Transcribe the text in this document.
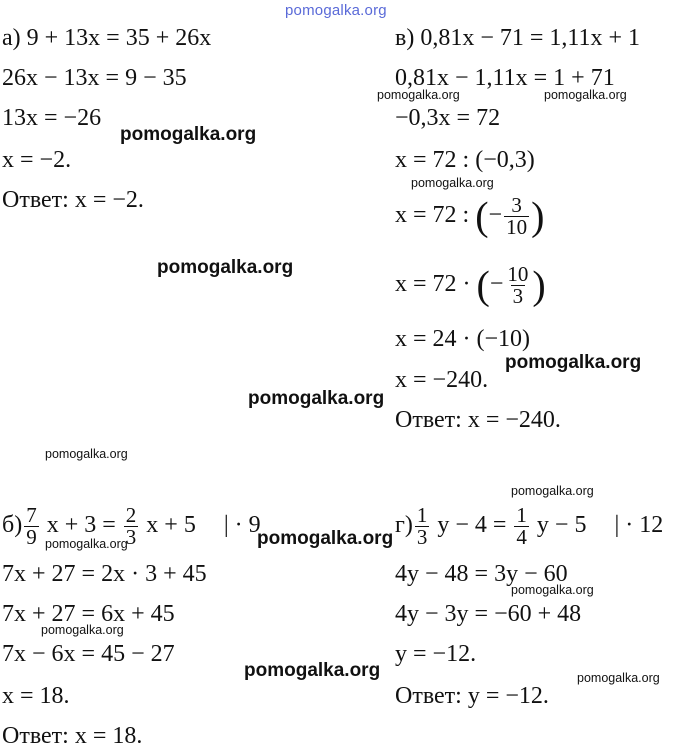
pomogalka.org
а) 9 + 13x = 35 + 26x
26x − 13x = 9 − 35
13x = −26
x = −2.
Ответ: x = −2.
в) 0,81x − 71 = 1,11x + 1
0,81x − 1,11x = 1 + 71
−0,3x = 72
x = 72 : (−0,3)
x = 72 : (− $\frac{3}{10}$ )
x = 72 · (− $\frac{10}{3}$ )
x = 24 · (−10)
x = −240.
Ответ: x = −240.
$б) \frac{7}{9}$ $x + 3 = \frac{2}{3}$ x + 5 | · 9
7x + 27 = 2x · 3 + 45
7x + 27 = 6x + 45
7x − 6x = 45 − 27
x = 18.
Ответ: x = 18.
$г) \frac{1}{3}$ $y - 4 = \frac{1}{4}$ y − 5 | · 12
4y − 48 = 3y − 60
4y − 3y = −60 + 48
y = −12.
Ответ: y = −12.
pomogalka.org
pomogalka.org
pomogalka.org
pomogalka.org
pomogalka.org
pomogalka.org
pomogalka.org	pomogalka.org
pomogalka.org
pomogalka.org
pomogalka.org
pomogalka.org
pomogalka.org
pomogalka.org
pomogalka.org
